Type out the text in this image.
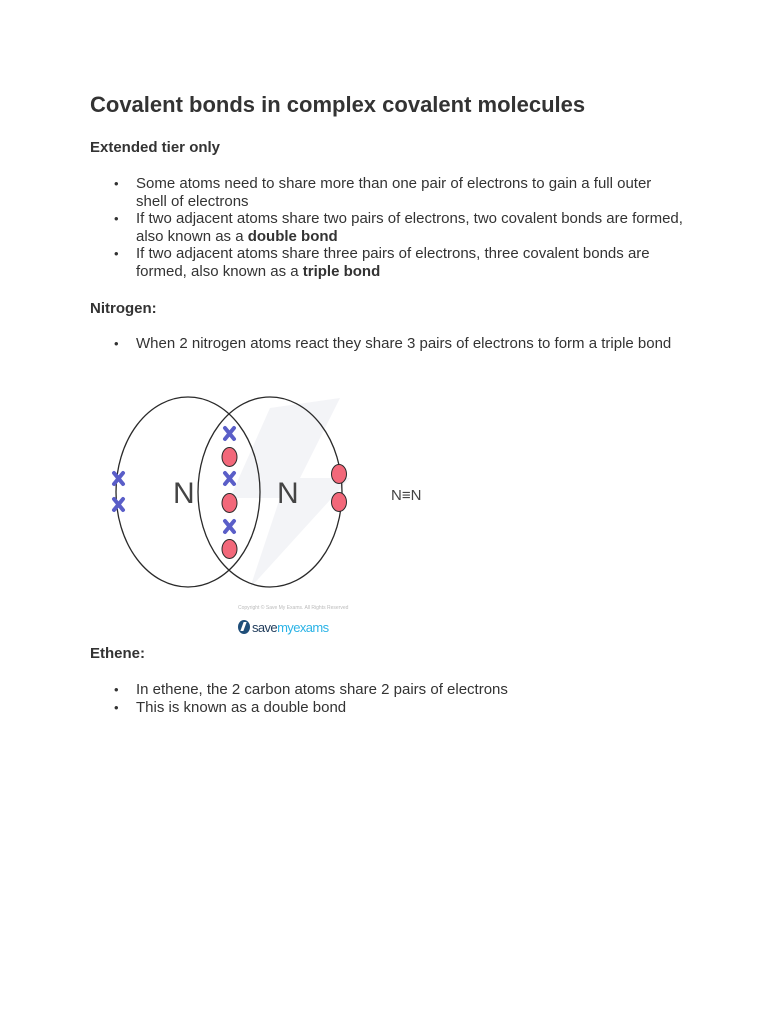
Covalent bonds in complex covalent molecules

Extended tier only

• Some atoms need to share more than one pair of electrons to gain a full outer shell of electrons
• If two adjacent atoms share two pairs of electrons, two covalent bonds are formed, also known as a double bond
• If two adjacent atoms share three pairs of electrons, three covalent bonds are formed, also known as a triple bond

Nitrogen:

• When 2 nitrogen atoms react they share 3 pairs of electrons to form a triple bond

Ethene:

• In ethene, the 2 carbon atoms share 2 pairs of electrons
• This is known as a double bond
N	N	N≡N
Copyright © Save My Exams. All Rights Reserved
save my exams
